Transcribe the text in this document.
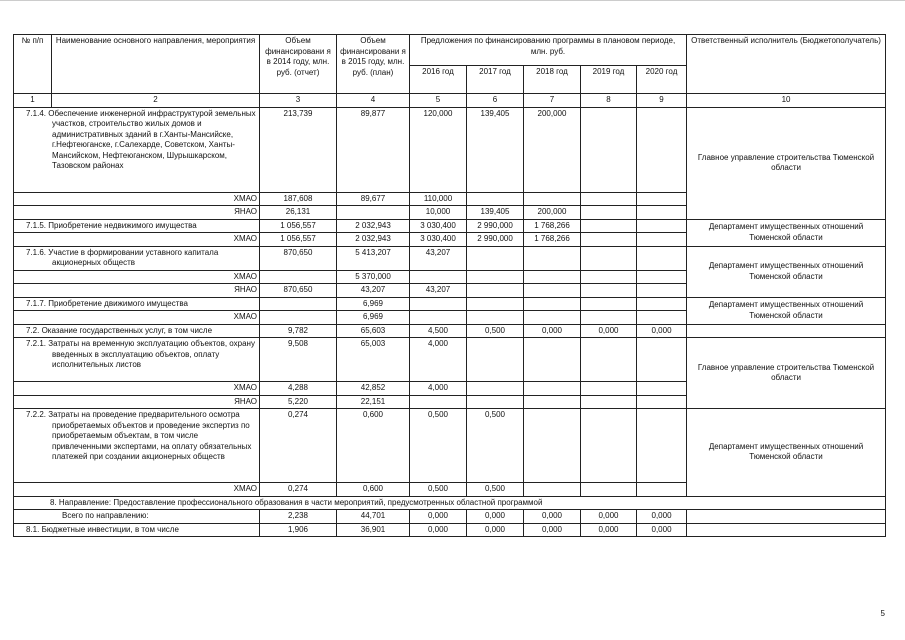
№ п/п	Наименование основного направления, мероприятия	Объем финансировани я в 2014 году, млн. руб. (отчет)	Объем финансировани я в 2015 году, млн. руб. (план)	Предложения по финансированию программы в плановом периоде, млн. руб.					Ответственный исполнитель (Бюджетополучатель)
				2016 год	2017 год	2018 год	2019 год	2020 год	
1	2	3	4	5	6	7	8	9	10
7.1.4. Обеспечение инженерной инфраструктурой земельных участков, строительство жилых домов и административных зданий в г.Ханты-Мансийске, г.Нефтеюганске, г.Салехарде, Советском, Ханты-Мансийском, Нефтеюганском, Шурышкарском, Тазовском районах		213,739	89,877	120,000	139,405	200,000			Главное управление строительства Тюменской области
ХМАО		187,608	89,677	110,000					
ЯНАО		26,131		10,000	139,405	200,000			
7.1.5. Приобретение недвижимого имущества		1 056,557	2 032,943	3 030,400	2 990,000	1 768,266			Департамент имущественных отношений Тюменской области
ХМАО		1 056,557	2 032,943	3 030,400	2 990,000	1 768,266			
7.1.6. Участие в формировании уставного капитала акционерных обществ		870,650	5 413,207	43,207					Департамент имущественных отношений Тюменской области
ХМАО			5 370,000						
ЯНАО		870,650	43,207	43,207					
7.1.7. Приобретение движимого имущества			6,969						Департамент имущественных отношений Тюменской области
ХМАО			6,969						
7.2. Оказание государственных услуг, в том числе		9,782	65,603	4,500	0,500	0,000	0,000	0,000	
7.2.1. Затраты на временную эксплуатацию объектов, охрану введенных в эксплуатацию объектов, оплату исполнительных листов		9,508	65,003	4,000					Главное управление строительства Тюменской области
ХМАО		4,288	42,852	4,000					
ЯНАО		5,220	22,151						
7.2.2. Затраты на проведение предварительного осмотра приобретаемых объектов и проведение экспертиз по приобретаемым объектам, в том числе привлеченными экспертами, на оплату обязательных платежей при создании акционерных обществ		0,274	0,600	0,500	0,500				Департамент имущественных отношений Тюменской области
ХМАО		0,274	0,600	0,500	0,500				
8. Направление: Предоставление профессионального образования в части мероприятий, предусмотренных областной программой									
Всего по направлению:		2,238	44,701	0,000	0,000	0,000	0,000	0,000	
8.1. Бюджетные инвестиции, в том числе		1,906	36,901	0,000	0,000	0,000	0,000	0,000	
5
